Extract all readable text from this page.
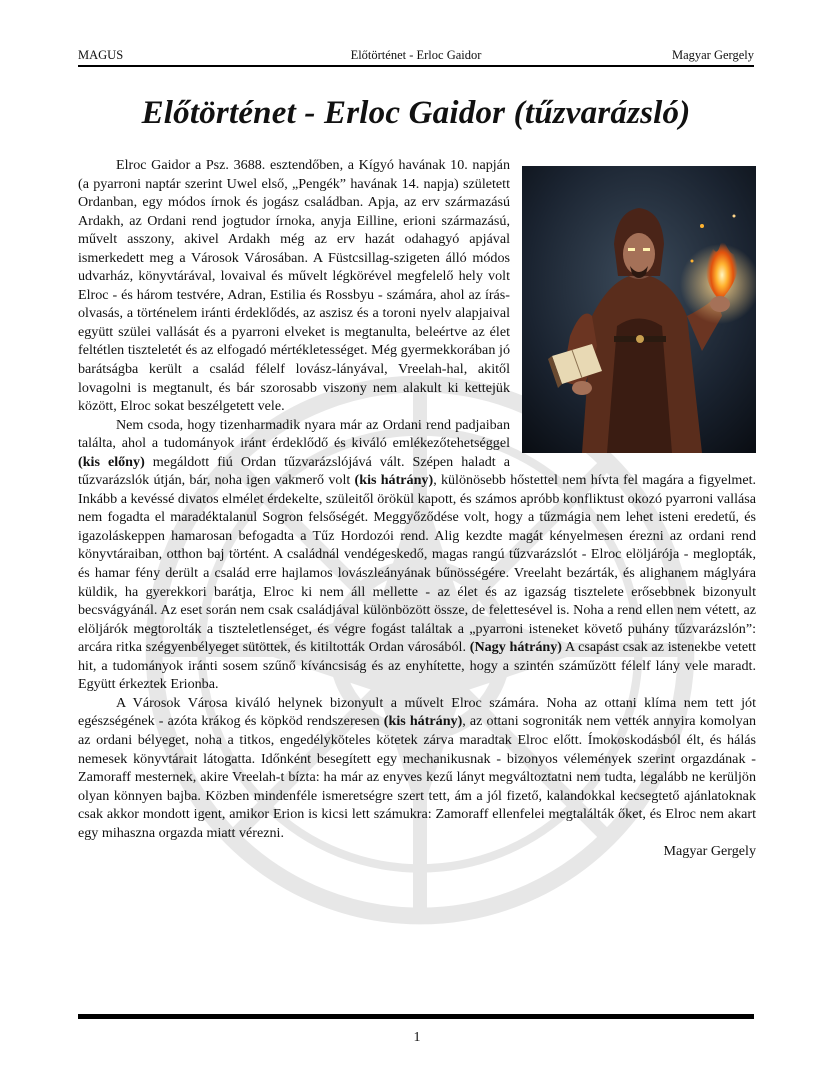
MAGUS	Előtörténet - Erloc Gaidor	Magyar Gergely
Előtörténet - Erloc Gaidor (tűzvarázsló)

Elroc Gaidor a Psz. 3688. esztendőben, a Kígyó havának 10. napján (a pyarroni naptár szerint Uwel első, „Pengék” havának 14. napja) született Ordanban, egy módos írnok és jogász családban. Apja, az erv származású Ardakh, az Ordani rend jogtudor írnoka, anyja Eilline, erioni származású, művelt asszony, akivel Ardakh még az erv hazát odahagyó apjával ismerkedett meg a Városok Városában. A Füstcsillag-szigeten álló módos udvarház, könyvtárával, lovaival és művelt légkörével megfelelő hely volt Elroc - és három testvére, Adran, Estilia és Rossbyu - számára, ahol az írás-olvasás, a történelem iránti érdeklődés, az aszisz és a toroni nyelv alapjaival együtt szülei vallását és a pyarroni elveket is megtanulta, beleértve az élet feltétlen tiszteletét és az elfogadó mértékletességet. Még gyermekkorában jó barátságba került a család félelf lovász-lányával, Vreelah-hal, akitől lovagolni is megtanult, és bár szorosabb viszony nem alakult ki kettejük között, Elroc sokat beszélgetett vele.

Nem csoda, hogy tizenharmadik nyara már az Ordani rend padjaiban találta, ahol a tudományok iránt érdeklődő és kiváló emlékezőtehetséggel (kis előny) megáldott fiú Ordan tűzvarázslójává vált. Szépen haladt a tűzvarázslók útján, bár, noha igen vakmerő volt (kis hátrány), különösebb hőstettel nem hívta fel magára a figyelmet. Inkább a kevéssé divatos elmélet érdekelte, szüleitől örökül kapott, és számos apróbb konfliktust okozó pyarroni vallása nem fogadta el maradéktalanul Sogron felsőségét. Meggyőződése volt, hogy a tűzmágia nem lehet isteni eredetű, és igazoláskeppen hamarosan befogadta a Tűz Hordozói rend. Alig kezdte magát kényelmesen érezni az ordani rend könyvtáraiban, otthon baj történt. A családnál vendégeskedő, magas rangú tűzvarázslót - Elroc elöljárója - meglopták, és hamar fény derült a család erre hajlamos lovászleányának bűnösségére. Vreelaht bezárták, és alighanem máglyára küldik, ha gyerekkori barátja, Elroc ki nem áll mellette - az élet és az igazság tisztelete erősebbnek bizonyult becsvágyánál. Az eset során nem csak családjával különbözött össze, de felettesével is. Noha a rend ellen nem vétett, az elöljárók megtorolták a tiszteletlenséget, és végre fogást találtak a „pyarroni isteneket követő puhány tűzvarázslón”: arcára ritka szégyenbélyeget sütöttek, és kitiltották Ordan városából. (Nagy hátrány) A csapást csak az istenekbe vetett hit, a tudományok iránti sosem szűnő kíváncsiság és az enyhítette, hogy a szintén száműzött félelf lány vele maradt. Együtt érkeztek Erionba.

A Városok Városa kiváló helynek bizonyult a művelt Elroc számára. Noha az ottani klíma nem tett jót egészségének - azóta krákog és köpköd rendszeresen (kis hátrány), az ottani sogroniták nem vették annyira komolyan az ordani bélyeget, noha a titkos, engedélyköteles kötetek zárva maradtak Elroc előtt. Ímokoskodásból élt, és hálás nemesek könyvtárait látogatta. Időnként besegített egy mechanikusnak - bizonyos vélemények szerint orgazdának - Zamoraff mesternek, akire Vreelah-t bízta: ha már az enyves kezű lányt megváltoztatni nem tudta, legalább ne kerüljön olyan könnyen bajba. Közben mindenféle ismeretségre szert tett, ám a jól fizető, kalandokkal kecsegtető ajánlatoknak csak akkor mondott igent, amikor Erion is kicsi lett számukra: Zamoraff ellenfelei megtalálták őket, és Elroc nem akart egy mihaszna orgazda miatt vérezni.

Magyar Gergely

1
